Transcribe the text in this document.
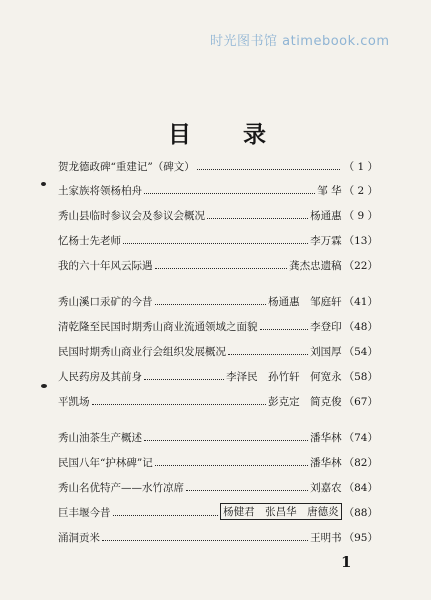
时光图书馆 atimebook.com
目 录
贺龙德政碑“重建记”（碑文）	（ 1 ）
土家族将领杨柏舟	邹 华 （ 2 ）
秀山县临时参议会及参议会概况	杨通惠 （ 9 ）
忆杨士先老师	李万霖 （13）
我的六十年风云际遇	龚杰忠遗稿 （22）
秀山溪口汞矿的今昔	杨通惠　邹庭轩 （41）
清乾隆至民国时期秀山商业流通领域之面貌	李登印 （48）
民国时期秀山商业行会组织发展概况	刘国厚 （54）
人民药房及其前身	李泽民　孙竹轩　何宽永 （58）
平凯场	彭克定　简克俊 （67）
秀山油茶生产概述	潘华林 （74）
民国八年“护林碑”记	潘华林 （82）
秀山名优特产——水竹凉席	刘嘉农 （84）
巨丰堰今昔	杨健君　张昌华　唐德炎 （88）
涌洞贡米	王明书 （95）
1
